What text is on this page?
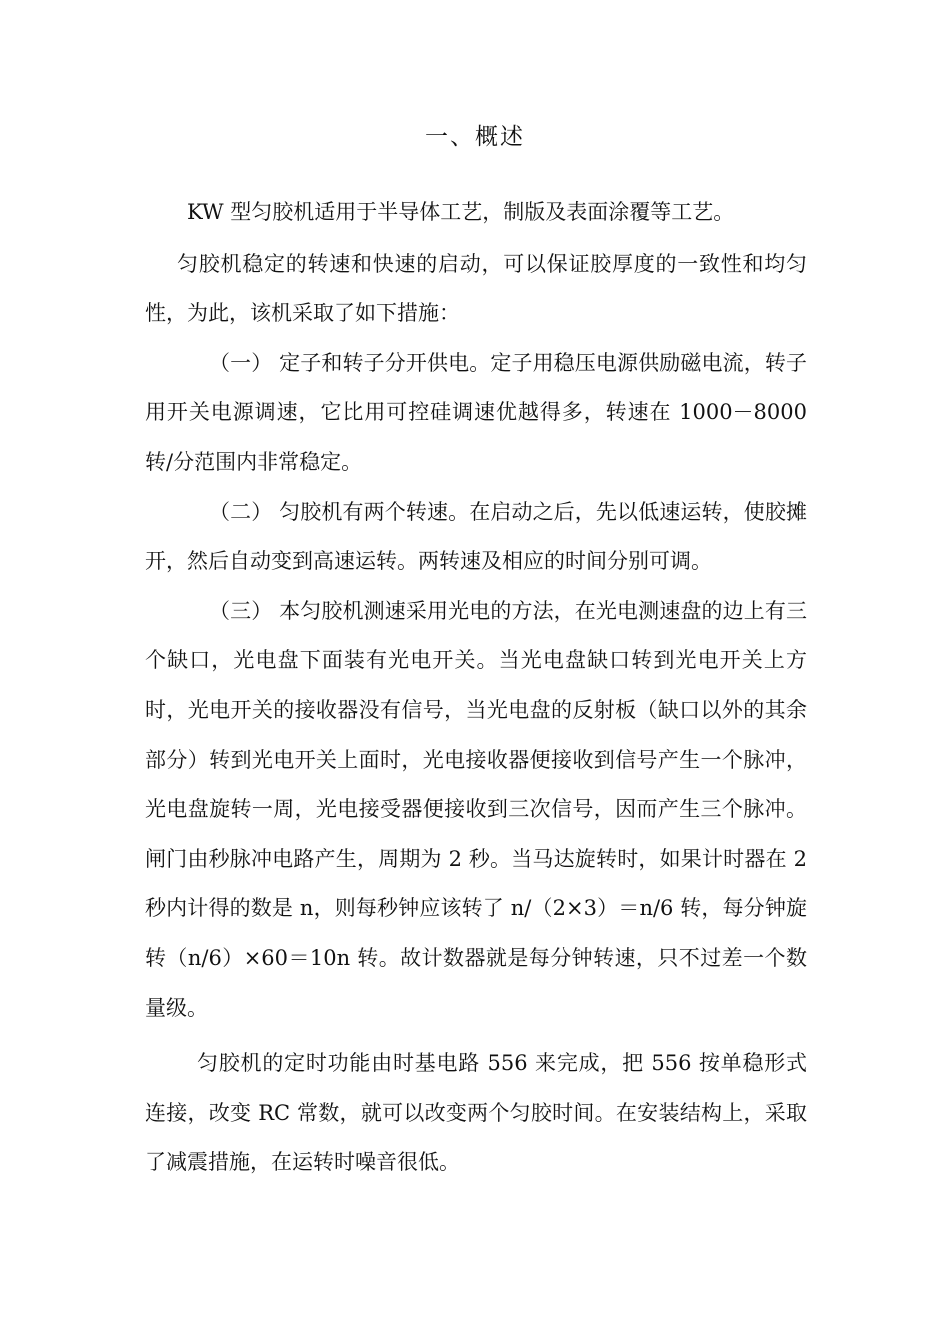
一、概述

KW 型匀胶机适用于半导体工艺，制版及表面涂覆等工艺。

匀胶机稳定的转速和快速的启动，可以保证胶厚度的一致性和均匀性，为此，该机采取了如下措施：

（一） 定子和转子分开供电。定子用稳压电源供励磁电流，转子用开关电源调速，它比用可控硅调速优越得多，转速在 1000－8000 转/分范围内非常稳定。

（二） 匀胶机有两个转速。在启动之后，先以低速运转，使胶摊开，然后自动变到高速运转。两转速及相应的时间分别可调。

（三） 本匀胶机测速采用光电的方法，在光电测速盘的边上有三个缺口，光电盘下面装有光电开关。当光电盘缺口转到光电开关上方时，光电开关的接收器没有信号，当光电盘的反射板（缺口以外的其余部分）转到光电开关上面时，光电接收器便接收到信号产生一个脉冲，光电盘旋转一周，光电接受器便接收到三次信号，因而产生三个脉冲。闸门由秒脉冲电路产生，周期为 2 秒。当马达旋转时，如果计时器在 2 秒内计得的数是 n，则每秒钟应该转了 n/（2×3）＝n/6 转，每分钟旋转（n/6）×60＝10n 转。故计数器就是每分钟转速，只不过差一个数量级。

匀胶机的定时功能由时基电路 556 来完成，把 556 按单稳形式连接，改变 RC 常数，就可以改变两个匀胶时间。在安装结构上，采取了减震措施，在运转时噪音很低。
